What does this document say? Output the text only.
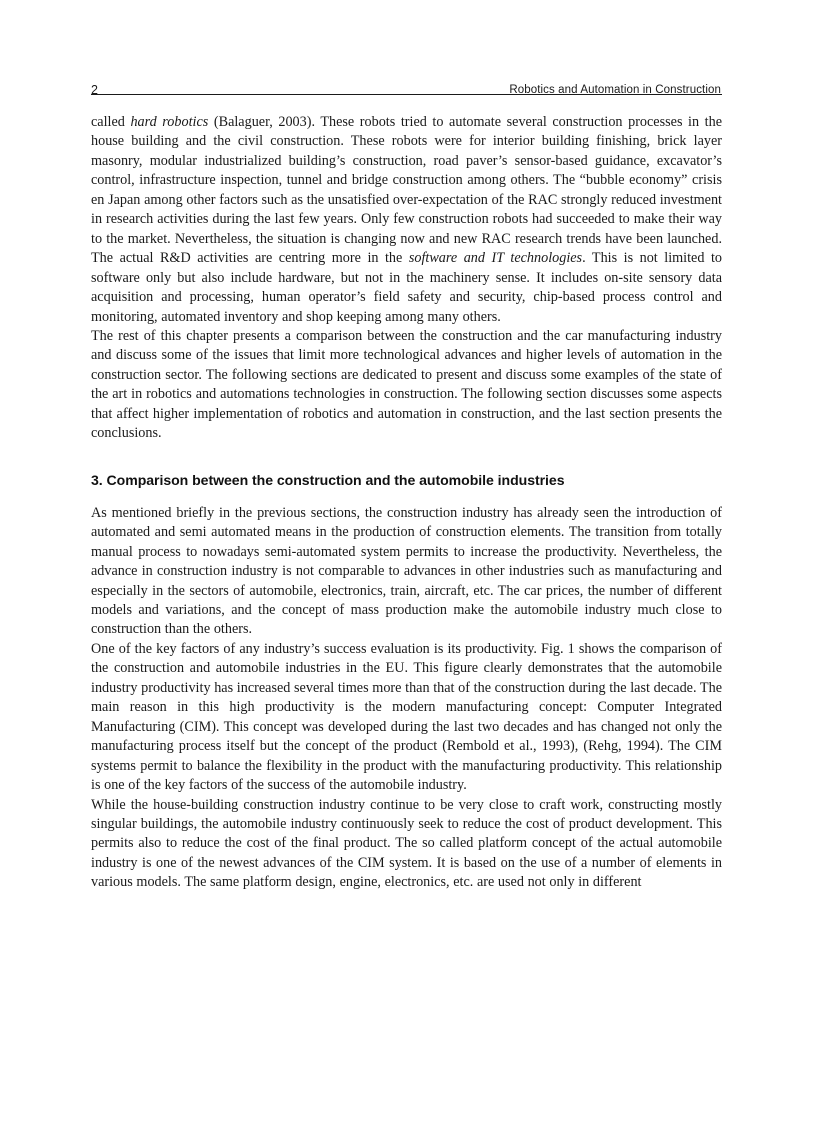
2	Robotics and Automation in Construction

called hard robotics (Balaguer, 2003). These robots tried to automate several construction processes in the house building and the civil construction. These robots were for interior building finishing, brick layer masonry, modular industrialized building’s construction, road paver’s sensor-based guidance, excavator’s control, infrastructure inspection, tunnel and bridge construction among others. The “bubble economy” crisis en Japan among other factors such as the unsatisfied over-expectation of the RAC strongly reduced investment in research activities during the last few years. Only few construction robots had succeeded to make their way to the market. Nevertheless, the situation is changing now and new RAC research trends have been launched. The actual R&D activities are centring more in the software and IT technologies. This is not limited to software only but also include hardware, but not in the machinery sense. It includes on-site sensory data acquisition and processing, human operator’s field safety and security, chip-based process control and monitoring, automated inventory and shop keeping among many others.

The rest of this chapter presents a comparison between the construction and the car manufacturing industry and discuss some of the issues that limit more technological advances and higher levels of automation in the construction sector. The following sections are dedicated to present and discuss some examples of the state of the art in robotics and automations technologies in construction. The following section discusses some aspects that affect higher implementation of robotics and automation in construction, and the last section presents the conclusions.

3. Comparison between the construction and the automobile industries

As mentioned briefly in the previous sections, the construction industry has already seen the introduction of automated and semi automated means in the production of construction elements. The transition from totally manual process to nowadays semi-automated system permits to increase the productivity. Nevertheless, the advance in construction industry is not comparable to advances in other industries such as manufacturing and especially in the sectors of automobile, electronics, train, aircraft, etc. The car prices, the number of different models and variations, and the concept of mass production make the automobile industry much close to construction than the others.

One of the key factors of any industry’s success evaluation is its productivity. Fig. 1 shows the comparison of the construction and automobile industries in the EU. This figure clearly demonstrates that the automobile industry productivity has increased several times more than that of the construction during the last decade. The main reason in this high productivity is the modern manufacturing concept: Computer Integrated Manufacturing (CIM). This concept was developed during the last two decades and has changed not only the manufacturing process itself but the concept of the product (Rembold et al., 1993), (Rehg, 1994). The CIM systems permit to balance the flexibility in the product with the manufacturing productivity. This relationship is one of the key factors of the success of the automobile industry.

While the house-building construction industry continue to be very close to craft work, constructing mostly singular buildings, the automobile industry continuously seek to reduce the cost of product development. This permits also to reduce the cost of the final product. The so called platform concept of the actual automobile industry is one of the newest advances of the CIM system. It is based on the use of a number of elements in various models. The same platform design, engine, electronics, etc. are used not only in different
